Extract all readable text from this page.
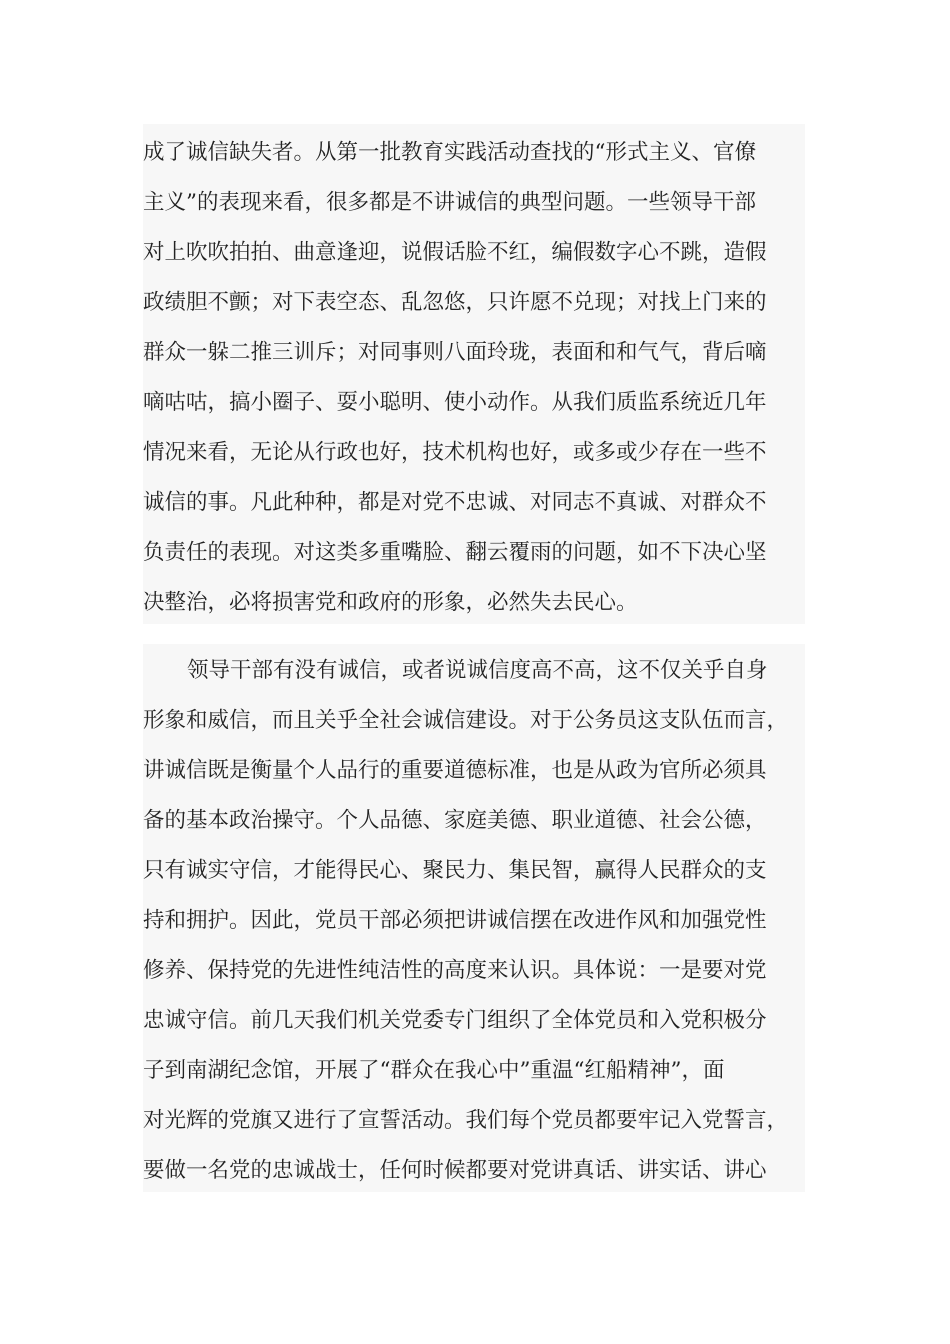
成了诚信缺失者。从第一批教育实践活动查找的“形式主义、官僚
主义”的表现来看，很多都是不讲诚信的典型问题。一些领导干部
对上吹吹拍拍、曲意逢迎，说假话脸不红，编假数字心不跳，造假
政绩胆不颤；对下表空态、乱忽悠，只许愿不兑现；对找上门来的
群众一躲二推三训斥；对同事则八面玲珑，表面和和气气，背后嘀
嘀咕咕，搞小圈子、耍小聪明、使小动作。从我们质监系统近几年
情况来看，无论从行政也好，技术机构也好，或多或少存在一些不
诚信的事。凡此种种，都是对党不忠诚、对同志不真诚、对群众不
负责任的表现。对这类多重嘴脸、翻云覆雨的问题，如不下决心坚
决整治，必将损害党和政府的形象，必然失去民心。
领导干部有没有诚信，或者说诚信度高不高，这不仅关乎自身
形象和威信，而且关乎全社会诚信建设。对于公务员这支队伍而言，
讲诚信既是衡量个人品行的重要道德标准，也是从政为官所必须具
备的基本政治操守。个人品德、家庭美德、职业道德、社会公德，
只有诚实守信，才能得民心、聚民力、集民智，赢得人民群众的支
持和拥护。因此，党员干部必须把讲诚信摆在改进作风和加强党性
修养、保持党的先进性纯洁性的高度来认识。具体说：一是要对党
忠诚守信。前几天我们机关党委专门组织了全体党员和入党积极分
子到南湖纪念馆，开展了“群众在我心中”重温“红船精神”，面
对光辉的党旗又进行了宣誓活动。我们每个党员都要牢记入党誓言，
要做一名党的忠诚战士，任何时候都要对党讲真话、讲实话、讲心
